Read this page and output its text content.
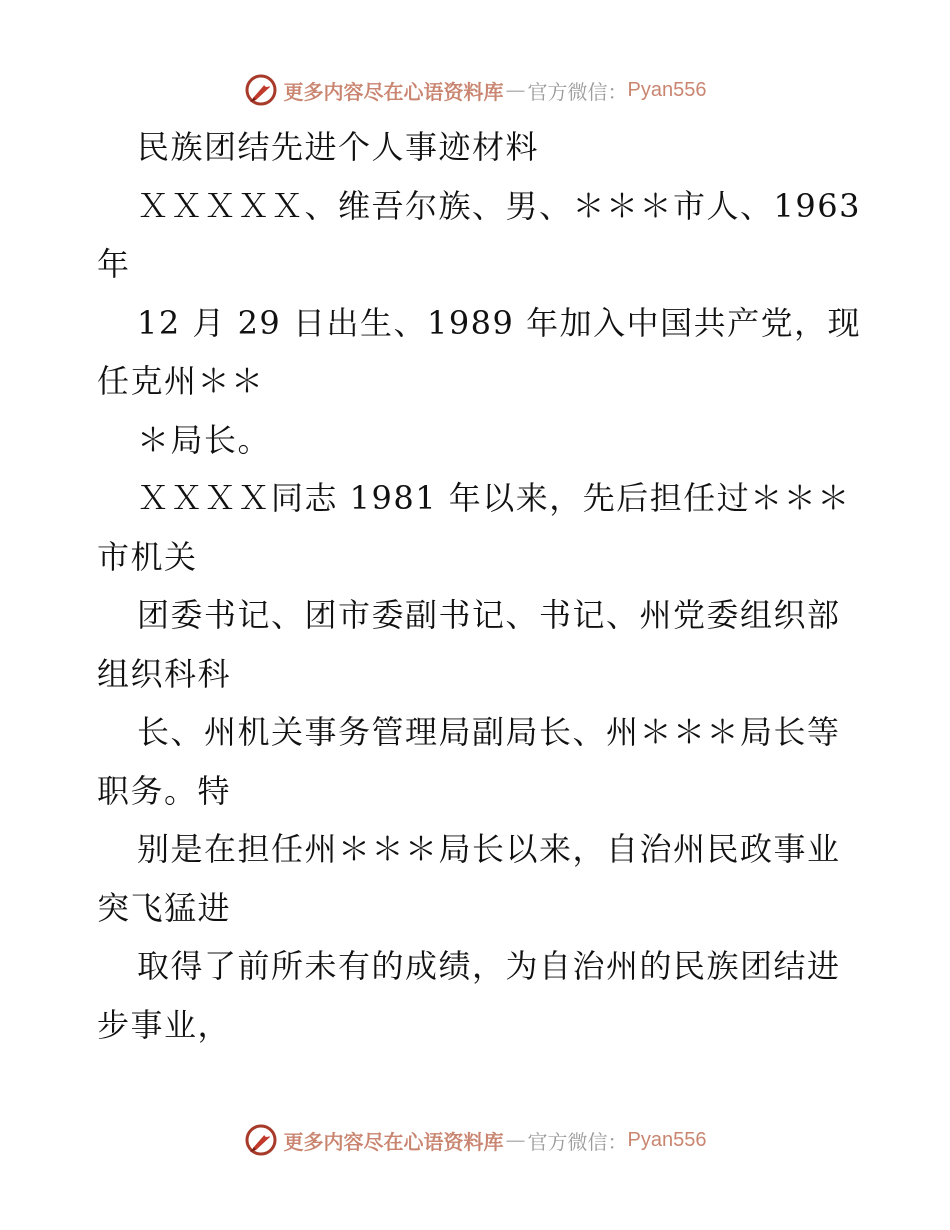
更多内容尽在心语资料库 — 官方微信： Pyan556
民族团结先进个人事迹材料
ＸＸＸＸＸ、维吾尔族、男、＊＊＊市人、1963
年
12 月 29 日出生、1989 年加入中国共产党，现
任克州＊＊
＊局长。
ＸＸＸＸ同志 1981 年以来，先后担任过＊＊＊
市机关
团委书记、团市委副书记、书记、州党委组织部
组织科科
长、州机关事务管理局副局长、州＊＊＊局长等
职务。特
别是在担任州＊＊＊局长以来，自治州民政事业
突飞猛进
取得了前所未有的成绩，为自治州的民族团结进
步事业，
更多内容尽在心语资料库 — 官方微信： Pyan556
